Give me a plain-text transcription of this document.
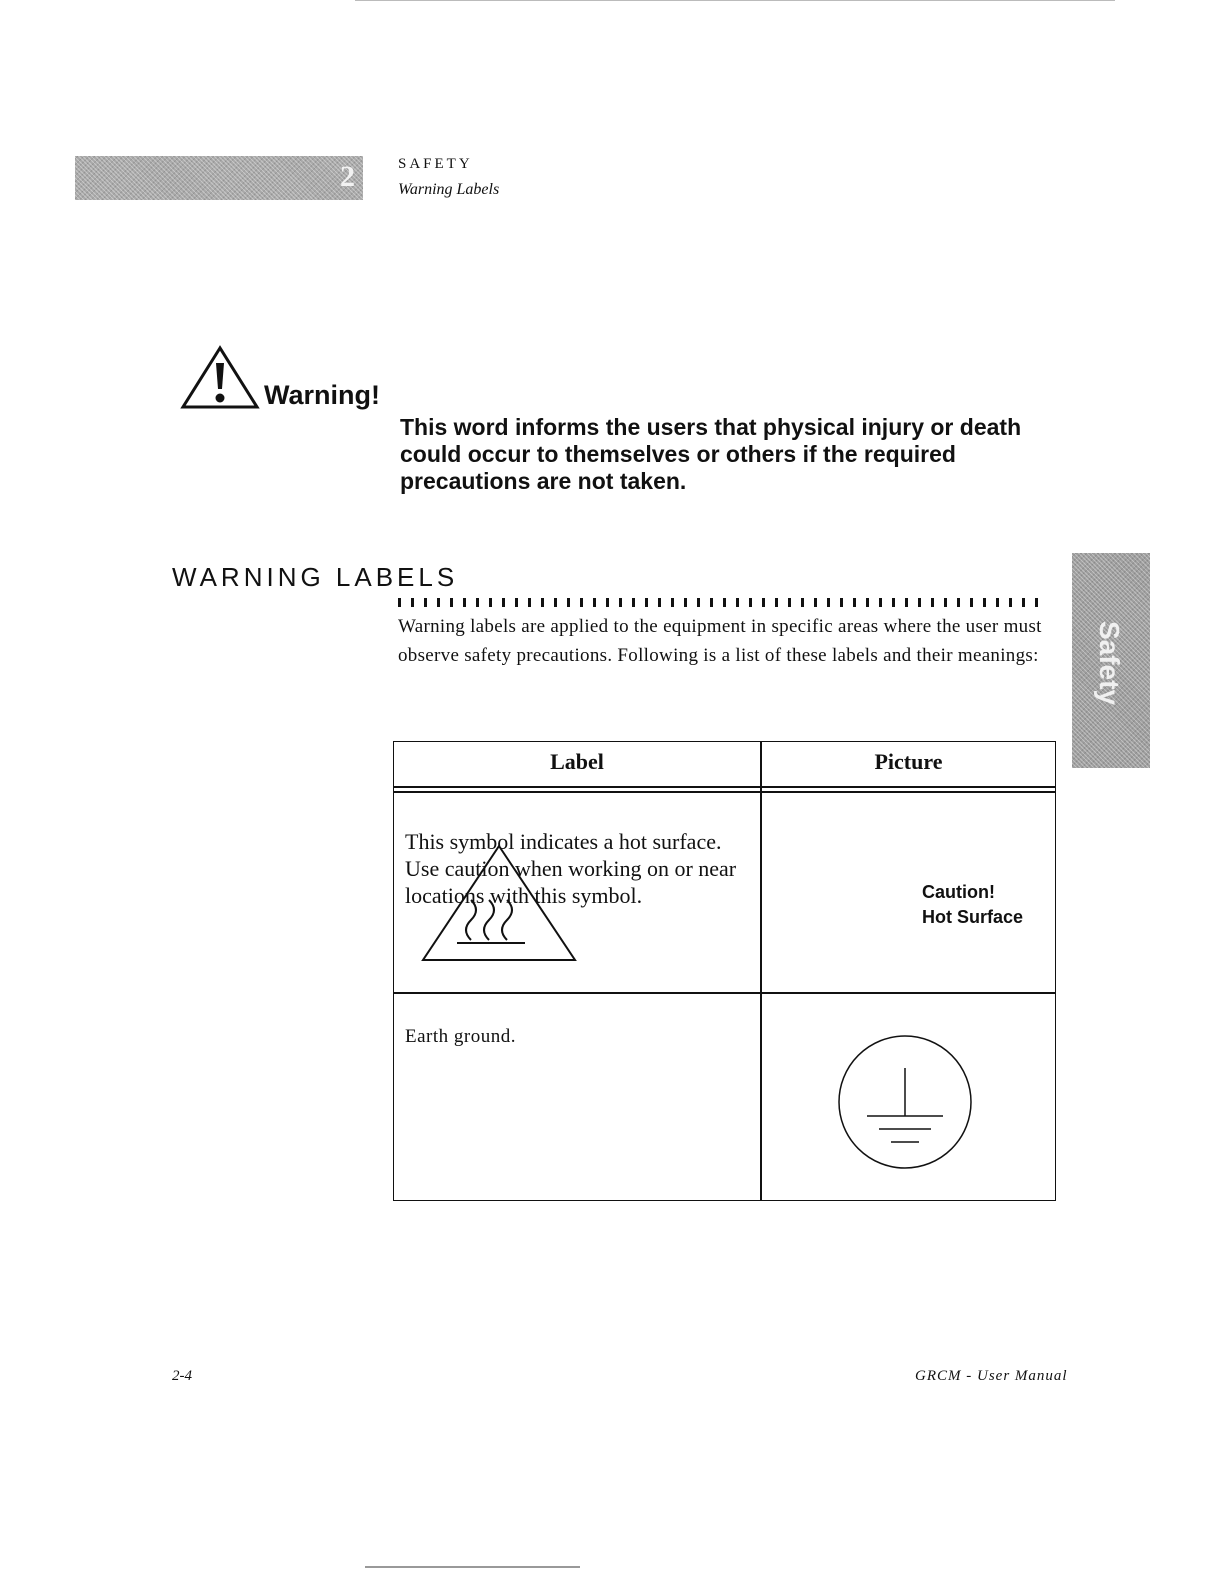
2	SAFETY
Warning Labels
Warning!
This word informs the users that physical injury or death could occur to themselves or others if the required precautions are not taken.
WARNING LABELS
Warning labels are applied to the equipment in specific areas where the user must observe safety precautions. Following is a list of these labels and their meanings:	Safety
Label	Picture
This symbol indicates a hot surface. Use caution when working on or near locations with this symbol.	Caution!
Hot Surface
Earth ground.
2-4	GRCM - User Manual
